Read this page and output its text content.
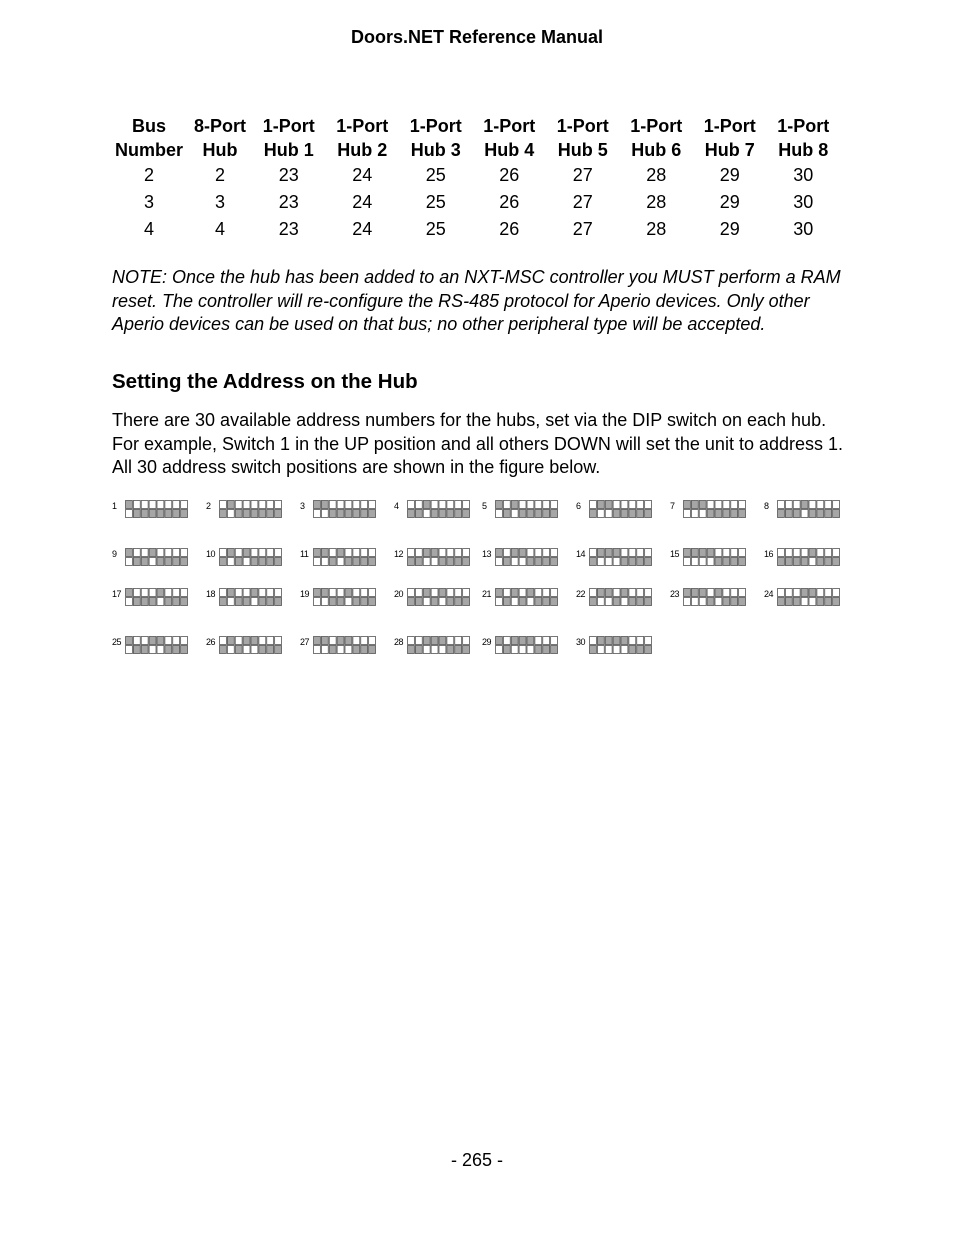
Doors.NET Reference Manual
Bus	8-Port	1-Port	1-Port	1-Port	1-Port	1-Port	1-Port	1-Port	1-Port
Number	Hub	Hub 1	Hub 2	Hub 3	Hub 4	Hub 5	Hub 6	Hub 7	Hub 8
2	2	23	24	25	26	27	28	29	30
3	3	23	24	25	26	27	28	29	30
4	4	23	24	25	26	27	28	29	30

NOTE: Once the hub has been added to an NXT-MSC controller you MUST perform a RAM reset. The controller will re-configure the RS-485 protocol for Aperio devices. Only other Aperio devices can be used on that bus; no other peripheral type will be accepted.

Setting the Address on the Hub

There are 30 available address numbers for the hubs, set via the DIP switch on each hub. For example, Switch 1 in the UP position and all others DOWN will set the unit to address 1. All 30 address switch positions are shown in the figure below.

1	2	3	4	5	6	7	8
9	10	11	12	13	14	15	16
17	18	19	20	21	22	23	24
25	26	27	28	29	30
- 265 -
